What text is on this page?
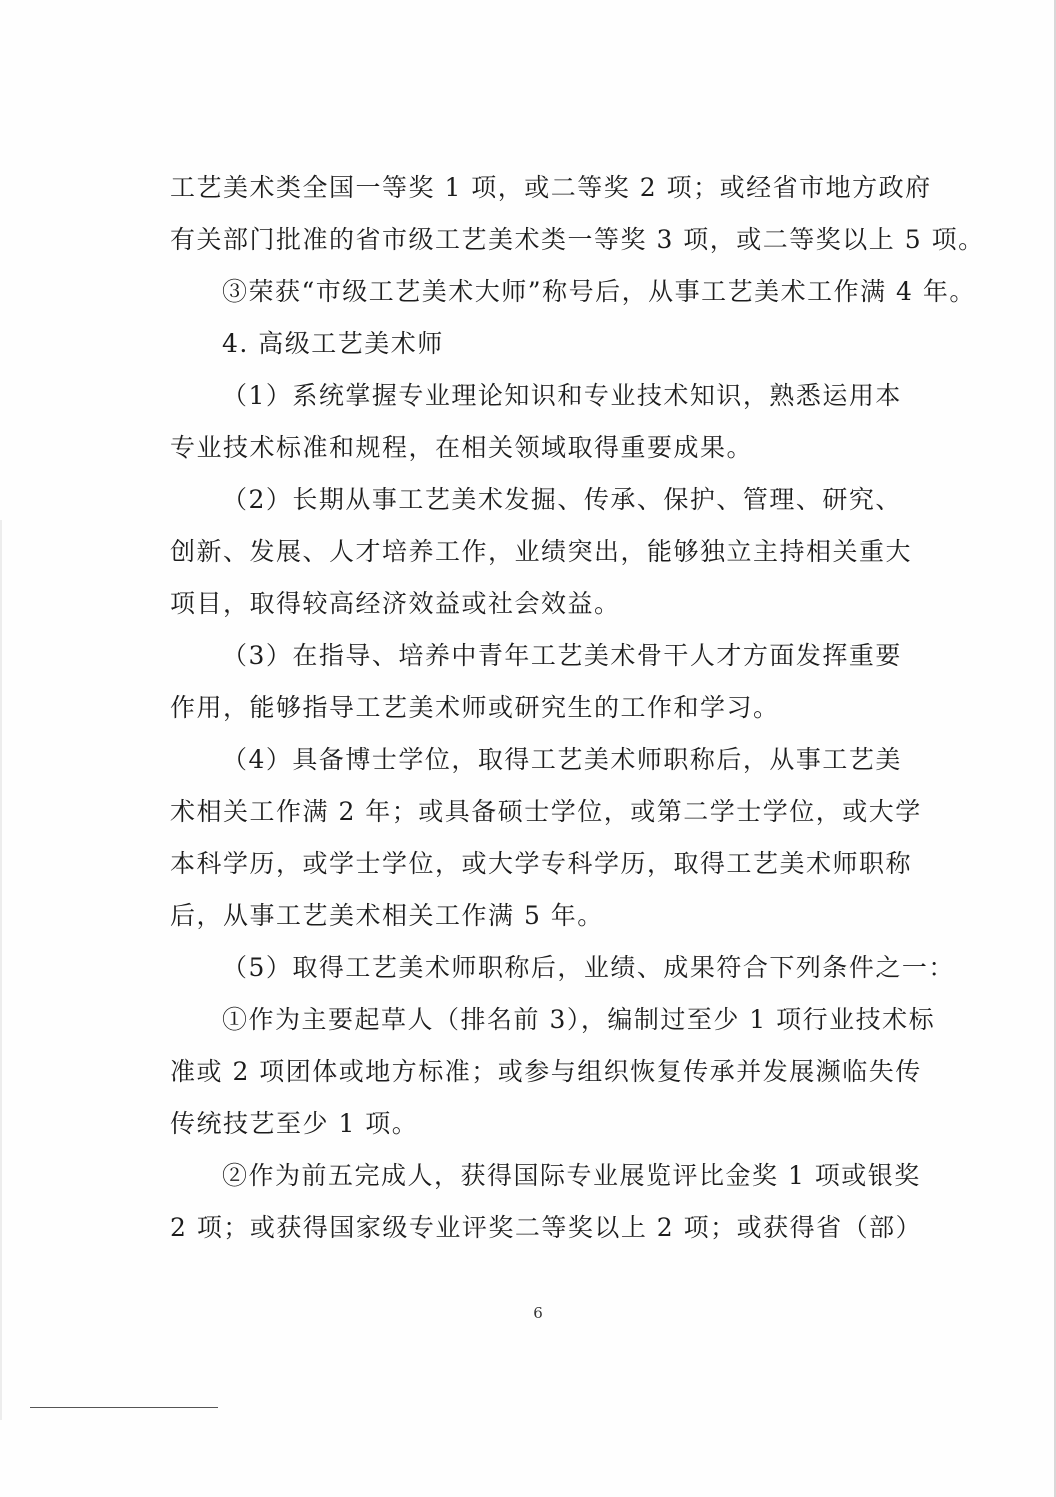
工艺美术类全国一等奖 1 项，或二等奖 2 项；或经省市地方政府
有关部门批准的省市级工艺美术类一等奖 3 项，或二等奖以上 5 项。
③荣获“市级工艺美术大师”称号后，从事工艺美术工作满 4 年。
4. 高级工艺美术师
（1）系统掌握专业理论知识和专业技术知识，熟悉运用本
专业技术标准和规程，在相关领域取得重要成果。
（2）长期从事工艺美术发掘、传承、保护、管理、研究、
创新、发展、人才培养工作，业绩突出，能够独立主持相关重大
项目，取得较高经济效益或社会效益。
（3）在指导、培养中青年工艺美术骨干人才方面发挥重要
作用，能够指导工艺美术师或研究生的工作和学习。
（4）具备博士学位，取得工艺美术师职称后，从事工艺美
术相关工作满 2 年；或具备硕士学位，或第二学士学位，或大学
本科学历，或学士学位，或大学专科学历，取得工艺美术师职称
后，从事工艺美术相关工作满 5 年。
（5）取得工艺美术师职称后，业绩、成果符合下列条件之一：
①作为主要起草人（排名前 3），编制过至少 1 项行业技术标
准或 2 项团体或地方标准；或参与组织恢复传承并发展濒临失传
传统技艺至少 1 项。
②作为前五完成人，获得国际专业展览评比金奖 1 项或银奖
2 项；或获得国家级专业评奖二等奖以上 2 项；或获得省（部）
6
